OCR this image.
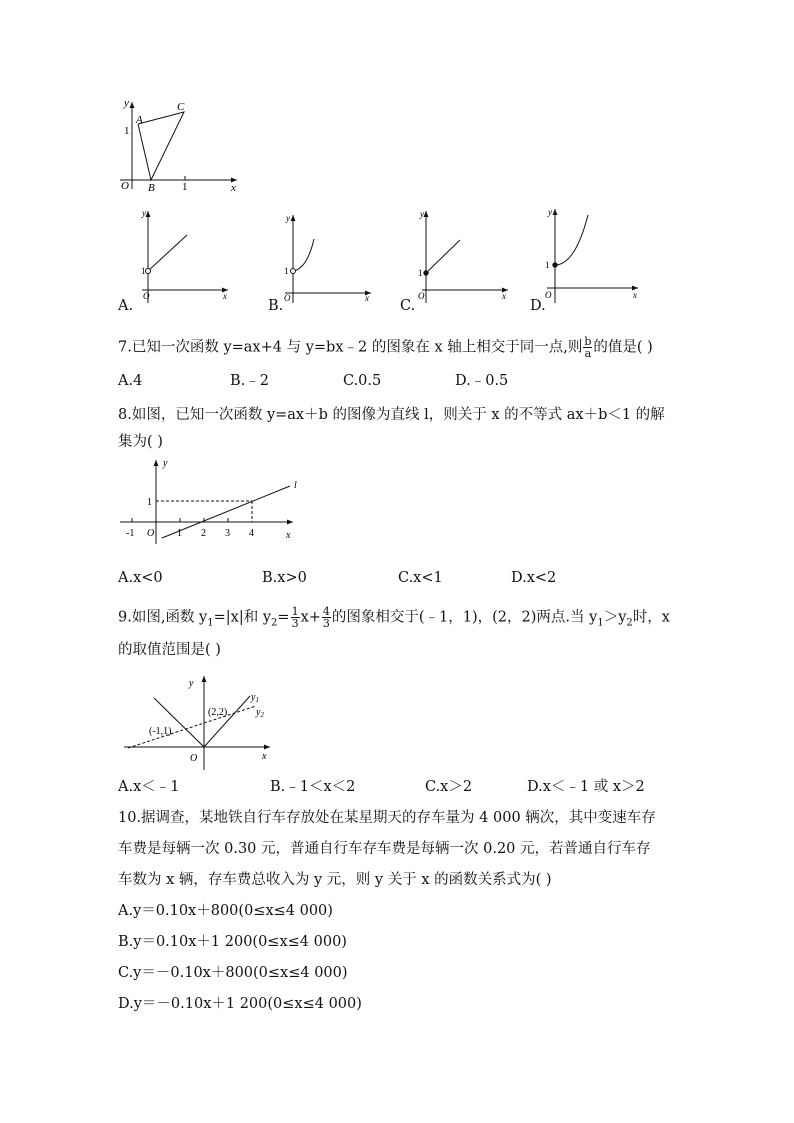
y
x
O
A
B
C
1
1
1
O	x
y
1
O	x
y
1
O	x
y
1
O	x
y
A.	B.	C.	D.
7.已知一次函数 y=ax+4 与 y=bx﹣2 的图象在 x 轴上相交于同一点,则 $\frac{b}{a}$ 的值是( )
A.4	B.﹣2	C.0.5	D.﹣0.5
8.如图，已知一次函数 y=ax＋b 的图像为直线 l，则关于 x 的不等式 ax＋b＜1 的解
集为( )
-1	1 2 3 4
1
O	x
y
l
A.x<0	B.x>0	C.x<1	D.x<2
9.如图,函数 $y_1=|x|$和 $y_2= \frac{1}{3} x+ \frac{4}{3}$ 的图象相交于(﹣1，1)，(2，2)两点.当 $y_1>y_2$时，x
的取值范围是( )
y
x
O
(-1,1)
(2,2)
$y_1$
$y_2$
A.x＜﹣1	B.﹣1＜x＜2	C.x＞2	D.x＜﹣1 或 x＞2
10.据调查，某地铁自行车存放处在某星期天的存车量为 4 000 辆次，其中变速车存
车费是每辆一次 0.30 元，普通自行车存车费是每辆一次 0.20 元，若普通自行车存
车数为 x 辆，存车费总收入为 y 元，则 y 关于 x 的函数关系式为( )
A.y＝0.10x＋800(0≤x≤4 000)
B.y＝0.10x＋1 200(0≤x≤4 000)
C.y＝－0.10x＋800(0≤x≤4 000)
D.y＝－0.10x＋1 200(0≤x≤4 000)
